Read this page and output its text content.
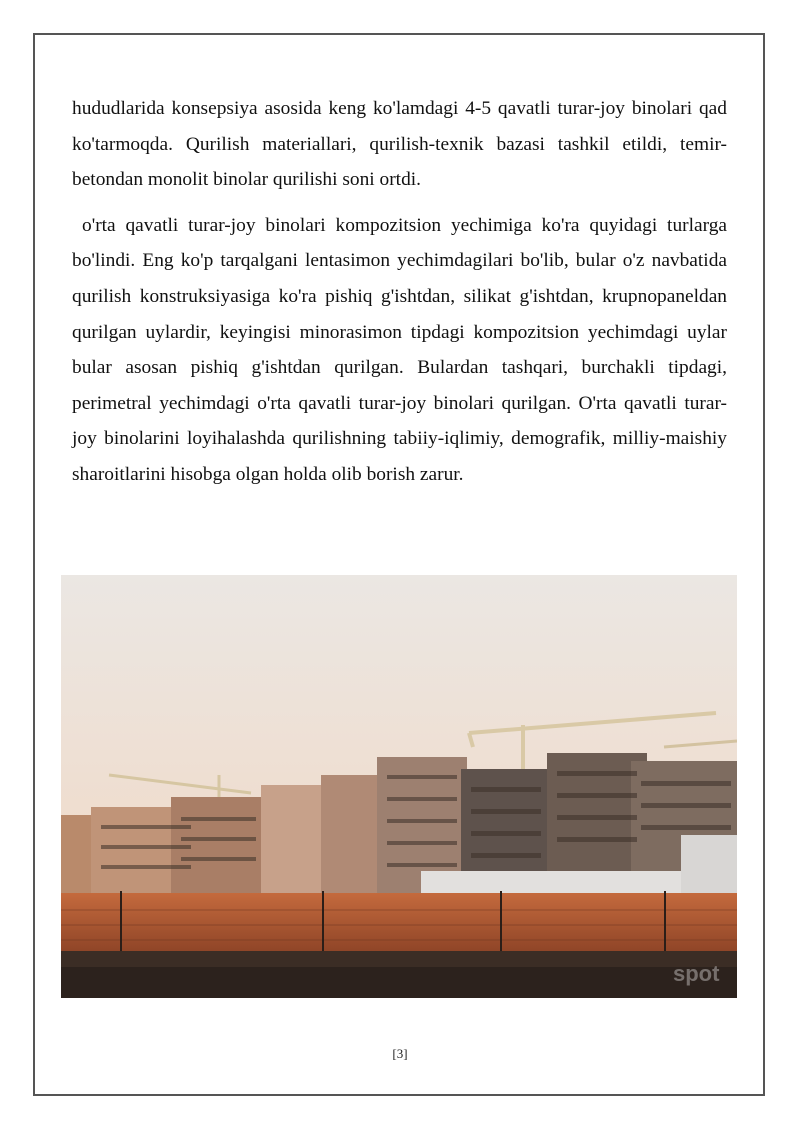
hududlarida konsepsiya asosida keng ko'lamdagi 4-5 qavatli turar-joy binolari qad ko'tarmoqda. Qurilish materiallari, qurilish-texnik bazasi tashkil etildi, temir-betondan monolit binolar qurilishi soni ortdi.

o'rta qavatli turar-joy binolari kompozitsion yechimiga ko'ra quyidagi turlarga bo'lindi. Eng ko'p tarqalgani lentasimon yechimdagilari bo'lib, bular o'z navbatida qurilish konstruksiyasiga ko'ra pishiq g'ishtdan, silikat g'ishtdan, krupnopaneldan qurilgan uylardir, keyingisi minorasimon tipdagi kompozitsion yechimdagi uylar bular asosan pishiq g'ishtdan qurilgan. Bulardan tashqari, burchakli tipdagi, perimetral yechimdagi o'rta qavatli turar-joy binolari qurilgan. O'rta qavatli turar-joy binolarini loyihalashda qurilishning tabiiy-iqlimiy, demografik, milliy-maishiy sharoitlarini hisobga olgan holda olib borish zarur.

spot
[3]
